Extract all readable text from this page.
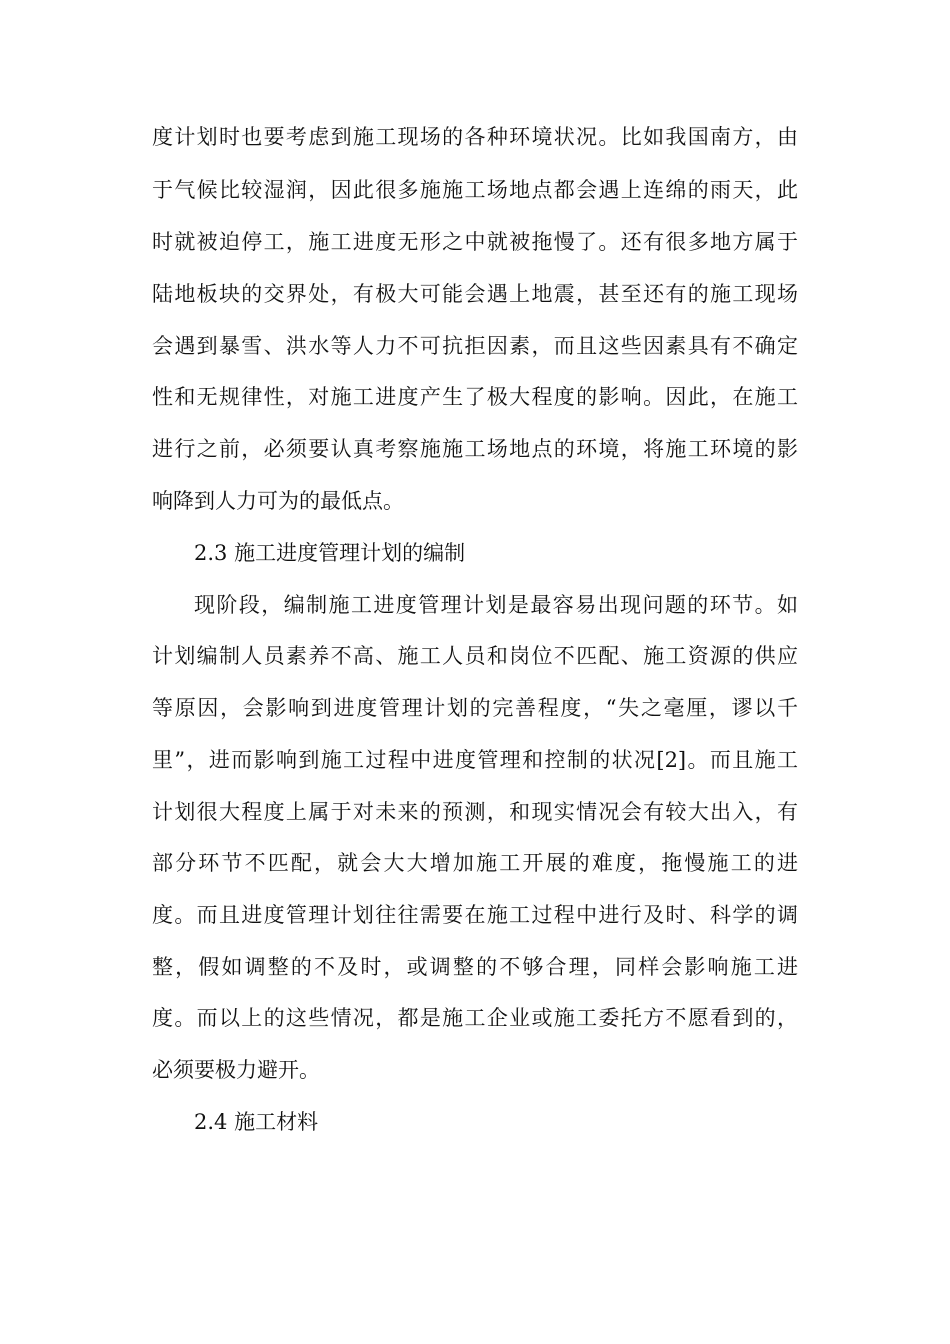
度计划时也要考虑到施工现场的各种环境状况。比如我国南方，由
于气候比较湿润，因此很多施施工场地点都会遇上连绵的雨天，此
时就被迫停工，施工进度无形之中就被拖慢了。还有很多地方属于
陆地板块的交界处，有极大可能会遇上地震，甚至还有的施工现场
会遇到暴雪、洪水等人力不可抗拒因素，而且这些因素具有不确定
性和无规律性，对施工进度产生了极大程度的影响。因此，在施工
进行之前，必须要认真考察施施工场地点的环境，将施工环境的影
响降到人力可为的最低点。
2.3 施工进度管理计划的编制
现阶段，编制施工进度管理计划是最容易出现问题的环节。如
计划编制人员素养不高、施工人员和岗位不匹配、施工资源的供应
等原因，会影响到进度管理计划的完善程度，“失之毫厘，谬以千
里”，进而影响到施工过程中进度管理和控制的状况[2]。而且施工
计划很大程度上属于对未来的预测，和现实情况会有较大出入，有
部分环节不匹配，就会大大增加施工开展的难度，拖慢施工的进
度。而且进度管理计划往往需要在施工过程中进行及时、科学的调
整，假如调整的不及时，或调整的不够合理，同样会影响施工进
度。而以上的这些情况，都是施工企业或施工委托方不愿看到的，
必须要极力避开。
2.4 施工材料
